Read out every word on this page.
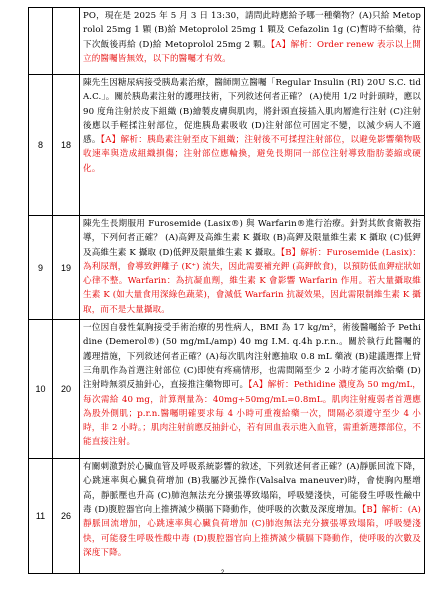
		PO，現在是 2025 年 5 月 3 日 13:30，請問此時應給予哪一種藥物？(A)只給 Metoprolol 25mg 1 顆 (B)給 Metoprolol 25mg 1 顆及 Cefazolin 1g (C)暫時不給藥，待下次飯後再給 (D)給 Metoprolol 25mg 2 顆。【A】解析：Order renew 表示以上開立的醫囑皆無效，以下的醫囑才有效。

8	18	陳先生因糖尿病接受胰島素治療，醫師開立醫囑「Regular Insulin (RI) 20U S.C. tid A.C.」。關於胰島素注射的護理技術，下列敘述何者正確？ (A)使用 1/2 吋針頭時，應以 90 度角注射於皮下組織 (B)繪製皮膚與肌肉，將針頭直接插入肌肉層進行注射 (C)注射後應以手輕揉注射部位，促進胰島素吸收 (D)注射部位可固定不變，以減少病人不適感。【A】解析：胰島素注射至皮下組織；注射後不可揉捏注射部位，以避免影響藥物吸收速率與造成組織損傷；注射部位應輪換，避免長期同一部位注射導致脂肪萎縮或硬化。

9	19	陳先生長期服用 Furosemide (Lasix®) 與 Warfarin®進行治療。針對其飲食衛教指導，下列何者正確？ (A)高鉀及高維生素 K 攝取 (B)高鉀及限量維生素 K 攝取 (C)低鉀及高維生素 K 攝取 (D)低鉀及限量維生素 K 攝取。【B】解析：Furosemide (Lasix)：為利尿劑，會導致鉀離子 (K⁺) 流失，因此需要補充鉀 (高鉀飲食)，以預防低血鉀症狀如心律不整。Warfarin：為抗凝血劑，維生素 K 會影響 Warfarin 作用。若大量攝取維生素 K (如大量食用深綠色蔬菜)，會減低 Warfarin 抗凝效果，因此需限制維生素 K 攝取，而不是大量攝取。

10	20	一位因自發性氣胸接受手術治療的男性病人，BMI 為 17 kg/m²，術後醫囑給予 Pethidine (Demerol®) (50 mg/mL/amp) 40 mg I.M. q.4h p.r.n.。關於執行此醫囑的護理措施，下列敘述何者正確？(A)每次肌肉注射應抽取 0.8 mL 藥液 (B)建議選擇上臂三角肌作為首選注射部位 (C)即使有疼痛情形，也需間隔至少 2 小時才能再次給藥 (D)注射時無須反抽針心，直接推注藥物即可。【A】解析：Pethidine 濃度為 50 mg/mL，每次需給 40 mg，計算劑量為：40mg÷50mg/mL=0.8mL。肌肉注射瘦弱者首選應為股外側肌；p.r.n.醫囑明確要求每 4 小時可重複給藥一次，間隔必須遵守至少 4 小時，非 2 小時。；肌肉注射前應反抽針心，若有回血表示進入血管，需重新選擇部位，不能直接注射。

11	26	有關刺激對於心臟血管及呼吸系統影響的敘述，下列敘述何者正確？(A)靜脈回流下降，心跳速率與心臟負荷增加 (B)我屬沙瓦操作(Valsalva maneuver)時，會使胸內壓增高，靜脈壓也升高 (C)肺泡無法充分擴張導致塌陷，呼吸變淺快，可能發生呼吸性鹼中毒 (D)腹腔器官向上推擠減少橫膈下降動作，使呼吸的次數及深度增加。【B】解析：(A)靜脈回流增加，心跳速率與心臟負荷增加 (C)肺泡無法充分擴張導致塌陷，呼吸變淺快，可能發生呼吸性酸中毒 (D)腹腔器官向上推擠減少橫膈下降動作，使呼吸的次數及深度下降。

2
